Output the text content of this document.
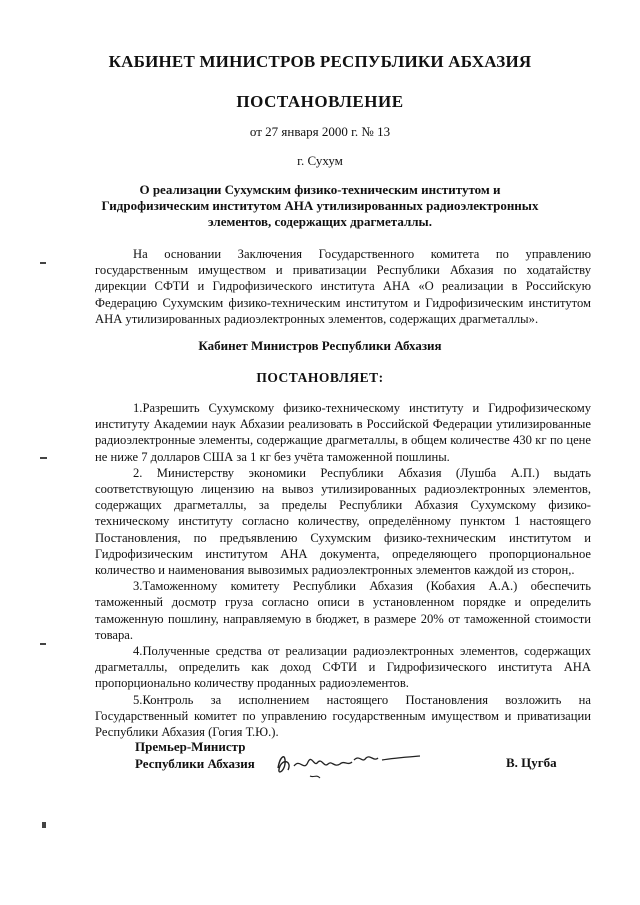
КАБИНЕТ МИНИСТРОВ РЕСПУБЛИКИ АБХАЗИЯ
ПОСТАНОВЛЕНИЕ
от 27 января 2000 г. № 13
г. Сухум
О реализации Сухумским физико-техническим институтом и Гидрофизическим институтом АНА утилизированных радиоэлектронных элементов, содержащих драгметаллы.
На основании Заключения Государственного комитета по управлению государственным имуществом и приватизации Республики Абхазия по ходатайству дирекции СФТИ и Гидрофизического института АНА «О реализации в Российскую Федерацию Сухумским физико-техническим институтом и Гидрофизическим институтом АНА утилизированных радиоэлектронных элементов, содержащих драгметаллы».
Кабинет Министров Республики Абхазия
ПОСТАНОВЛЯЕТ:

1.Разрешить Сухумскому физико-техническому институту и Гидрофизическому институту Академии наук Абхазии реализовать в Российской Федерации утилизированные радиоэлектронные элементы, содержащие драгметаллы, в общем количестве 430 кг по цене не ниже 7 долларов США за 1 кг без учёта таможенной пошлины.

2. Министерству экономики Республики Абхазия (Лушба А.П.) выдать соответствующую лицензию на вывоз утилизированных радиоэлектронных элементов, содержащих драгметаллы, за пределы Республики Абхазия Сухумскому физико-техническому институту согласно количеству, определённому пунктом 1 настоящего Постановления, по предъявлению Сухумским физико-техническим институтом и Гидрофизическим институтом АНА документа, определяющего пропорциональное количество и наименования вывозимых радиоэлектронных элементов каждой из сторон,.

3.Таможенному комитету Республики Абхазия (Кобахия А.А.) обеспечить таможенный досмотр груза согласно описи в установленном порядке и определить таможенную пошлину, направляемую в бюджет, в размере 20% от таможенной стоимости товара.

4.Полученные средства от реализации радиоэлектронных элементов, содержащих драгметаллы, определить как доход СФТИ и Гидрофизического института АНА пропорционально количеству проданных радиоэлементов.

5.Контроль за исполнением настоящего Постановления возложить на Государственный комитет по управлению государственным имуществом и приватизации Республики Абхазия (Гогия Т.Ю.).

Премьер-Министр
Республики Абхазия	В. Цугба
